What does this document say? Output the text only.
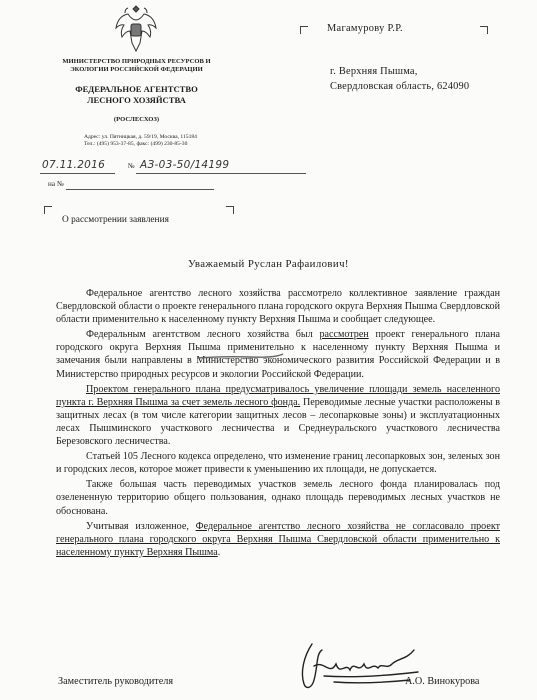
МИНИСТЕРСТВО ПРИРОДНЫХ РЕСУРСОВ И ЭКОЛОГИИ РОССИЙСКОЙ ФЕДЕРАЦИИ
ФЕДЕРАЛЬНОЕ АГЕНТСТВО
ЛЕСНОГО ХОЗЯЙСТВА
(РОСЛЕСХОЗ)
Адрес: ул. Пятницкая, д. 59/19, Москва, 115184
Тел.: (495) 953-37-85, факс: (499) 230-85-30
07.11.2016	№ АЗ-03-50/14199
на №
О рассмотрении заявления
Магамурову Р.Р.
г. Верхняя Пышма,
Свердловская область, 624090
Уважаемый Руслан Рафаилович!

Федеральное агентство лесного хозяйства рассмотрело коллективное заявление граждан Свердловской области о проекте генерального плана городского округа Верхняя Пышма Свердловской области применительно к населенному пункту Верхняя Пышма и сообщает следующее.

Федеральным агентством лесного хозяйства был рассмотрен проект генерального плана городского округа Верхняя Пышма применительно к населенному пункту Верхняя Пышма и замечания были направлены в Министерство экономического развития Российской Федерации и в Министерство природных ресурсов и экологии Российской Федерации.

Проектом генерального плана предусматривалось увеличение площади земель населенного пункта г. Верхняя Пышма за счет земель лесного фонда. Переводимые лесные участки расположены в защитных лесах (в том числе категории защитных лесов – лесопарковые зоны) и эксплуатационных лесах Пышминского участкового лесничества и Среднеуральского участкового лесничества Березовского лесничества.

Статьей 105 Лесного кодекса определено, что изменение границ лесопарковых зон, зеленых зон и городских лесов, которое может привести к уменьшению их площади, не допускается.

Также большая часть переводимых участков земель лесного фонда планировалась под озелененную территорию общего пользования, однако площадь переводимых лесных участков не обоснована.

Учитывая изложенное, Федеральное агентство лесного хозяйства не согласовало проект генерального плана городского округа Верхняя Пышма Свердловской области применительно к населенному пункту Верхняя Пышма.

Заместитель руководителя	А.О. Винокурова
